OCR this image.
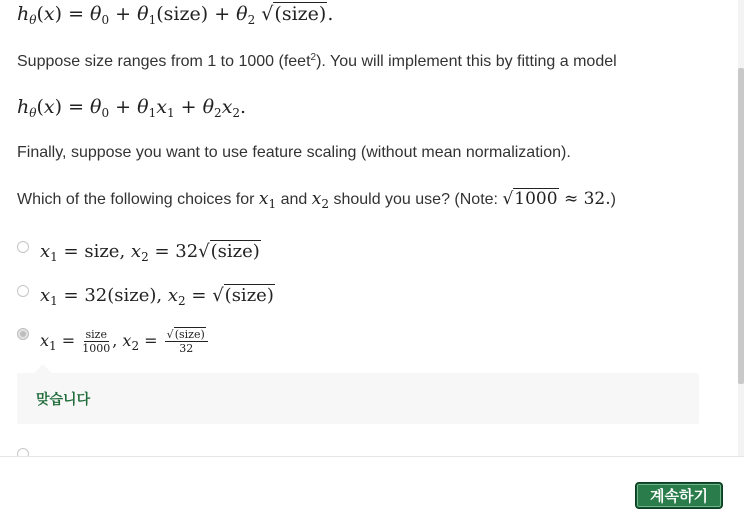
$h_\theta(x) = \theta_0$ + $\theta_1(size) + \theta_2$ √(size).
Suppose size ranges from 1 to 1000 (feet$^2$). You will implement this by fitting a model
$h_\theta(x) = \theta_0 + \theta_1x_1 + \theta_2x_2$.
Finally, suppose you want to use feature scaling (without mean normalization).
Which of the following choices for $x_1$ and $x_2$ should you use? (Note: √1000 ≈ 32.)
$x_1$ = size, $x_2$ = 32√(size)
$x_1$ = 32(size), $x_2$ = √(size)
$x_1 = \frac{\text{size}}{1000}$ , $x_2 = \frac{\text{√(size)}}{32}$
맞습니다
계속하기
